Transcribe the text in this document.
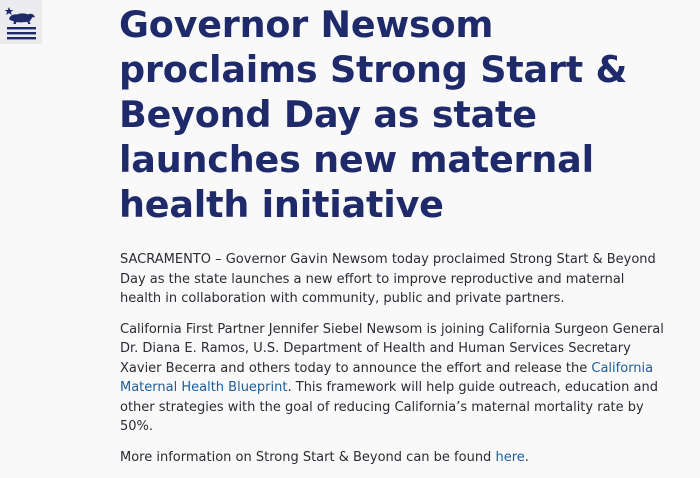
Governor Newsom proclaims Strong Start & Beyond Day as state launches new maternal health initiative

SACRAMENTO – Governor Gavin Newsom today proclaimed Strong Start & Beyond Day as the state launches a new effort to improve reproductive and maternal health in collaboration with community, public and private partners.

California First Partner Jennifer Siebel Newsom is joining California Surgeon General Dr. Diana E. Ramos, U.S. Department of Health and Human Services Secretary Xavier Becerra and others today to announce the effort and release the California Maternal Health Blueprint. This framework will help guide outreach, education and other strategies with the goal of reducing California’s maternal mortality rate by 50%.

More information on Strong Start & Beyond can be found here.
